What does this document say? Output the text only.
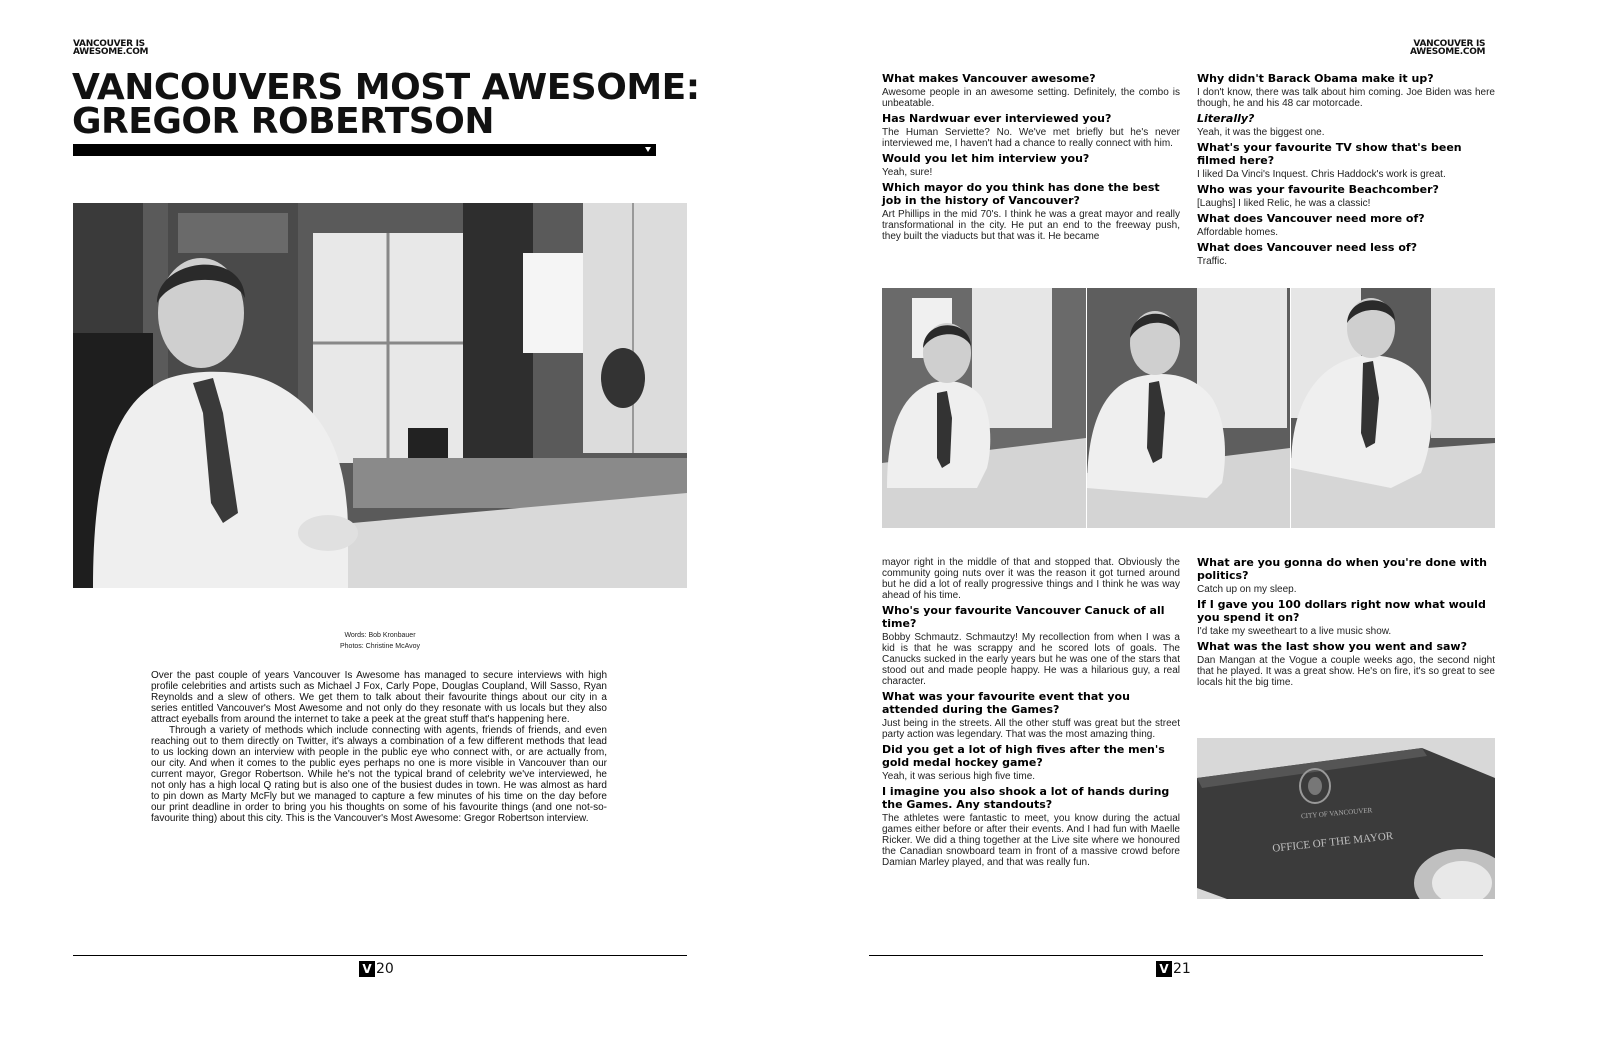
VANCOUVER IS
AWESOME.COM
VANCOUVERS MOST AWESOME:
GREGOR ROBERTSON
Words: Bob Kronbauer
Photos: Christine McAvoy

Over the past couple of years Vancouver Is Awesome has managed to secure interviews with high profile celebrities and artists such as Michael J Fox, Carly Pope, Douglas Coupland, Will Sasso, Ryan Reynolds and a slew of others. We get them to talk about their favourite things about our city in a series entitled Vancouver's Most Awesome and not only do they resonate with us locals but they also attract eyeballs from around the internet to take a peek at the great stuff that's happening here.

Through a variety of methods which include connecting with agents, friends of friends, and even reaching out to them directly on Twitter, it's always a combination of a few different methods that lead to us locking down an interview with people in the public eye who connect with, or are actually from, our city. And when it comes to the public eyes perhaps no one is more visible in Vancouver than our current mayor, Gregor Robertson. While he's not the typical brand of celebrity we've interviewed, he not only has a high local Q rating but is also one of the busiest dudes in town. He was almost as hard to pin down as Marty McFly but we managed to capture a few minutes of his time on the day before our print deadline in order to bring you his thoughts on some of his favourite things (and one not-so-favourite thing) about this city. This is the Vancouver's Most Awesome: Gregor Robertson interview.

V 20
VANCOUVER IS
AWESOME.COM

What makes Vancouver awesome?

Awesome people in an awesome setting. Definitely, the combo is unbeatable.

Has Nardwuar ever interviewed you?

The Human Serviette? No. We've met briefly but he's never interviewed me, I haven't had a chance to really connect with him.

Would you let him interview you?

Yeah, sure!

Which mayor do you think has done the best job in the history of Vancouver?

Art Phillips in the mid 70's. I think he was a great mayor and really transformational in the city. He put an end to the freeway push, they built the viaducts but that was it. He became

Why didn't Barack Obama make it up?

I don't know, there was talk about him coming. Joe Biden was here though, he and his 48 car motorcade.

Literally?

Yeah, it was the biggest one.

What's your favourite TV show that's been filmed here?

I liked Da Vinci's Inquest. Chris Haddock's work is great.

Who was your favourite Beachcomber?

[Laughs] I liked Relic, he was a classic!

What does Vancouver need more of?

Affordable homes.

What does Vancouver need less of?

Traffic.

mayor right in the middle of that and stopped that. Obviously the community going nuts over it was the reason it got turned around but he did a lot of really progressive things and I think he was way ahead of his time.

Who's your favourite Vancouver Canuck of all time?

Bobby Schmautz. Schmautzy! My recollection from when I was a kid is that he was scrappy and he scored lots of goals. The Canucks sucked in the early years but he was one of the stars that stood out and made people happy. He was a hilarious guy, a real character.

What was your favourite event that you attended during the Games?

Just being in the streets. All the other stuff was great but the street party action was legendary. That was the most amazing thing.

Did you get a lot of high fives after the men's gold medal hockey game?

Yeah, it was serious high five time.

I imagine you also shook a lot of hands during the Games. Any standouts?

The athletes were fantastic to meet, you know during the actual games either before or after their events. And I had fun with Maelle Ricker. We did a thing together at the Live site where we honoured the Canadian snowboard team in front of a massive crowd before Damian Marley played, and that was really fun.

What are you gonna do when you're done with politics?

Catch up on my sleep.

If I gave you 100 dollars right now what would you spend it on?

I'd take my sweetheart to a live music show.

What was the last show you went and saw?

Dan Mangan at the Vogue a couple weeks ago, the second night that he played. It was a great show. He's on fire, it's so great to see locals hit the big time.

CITY OF VANCOUVER
OFFICE OF THE MAYOR
V 21
